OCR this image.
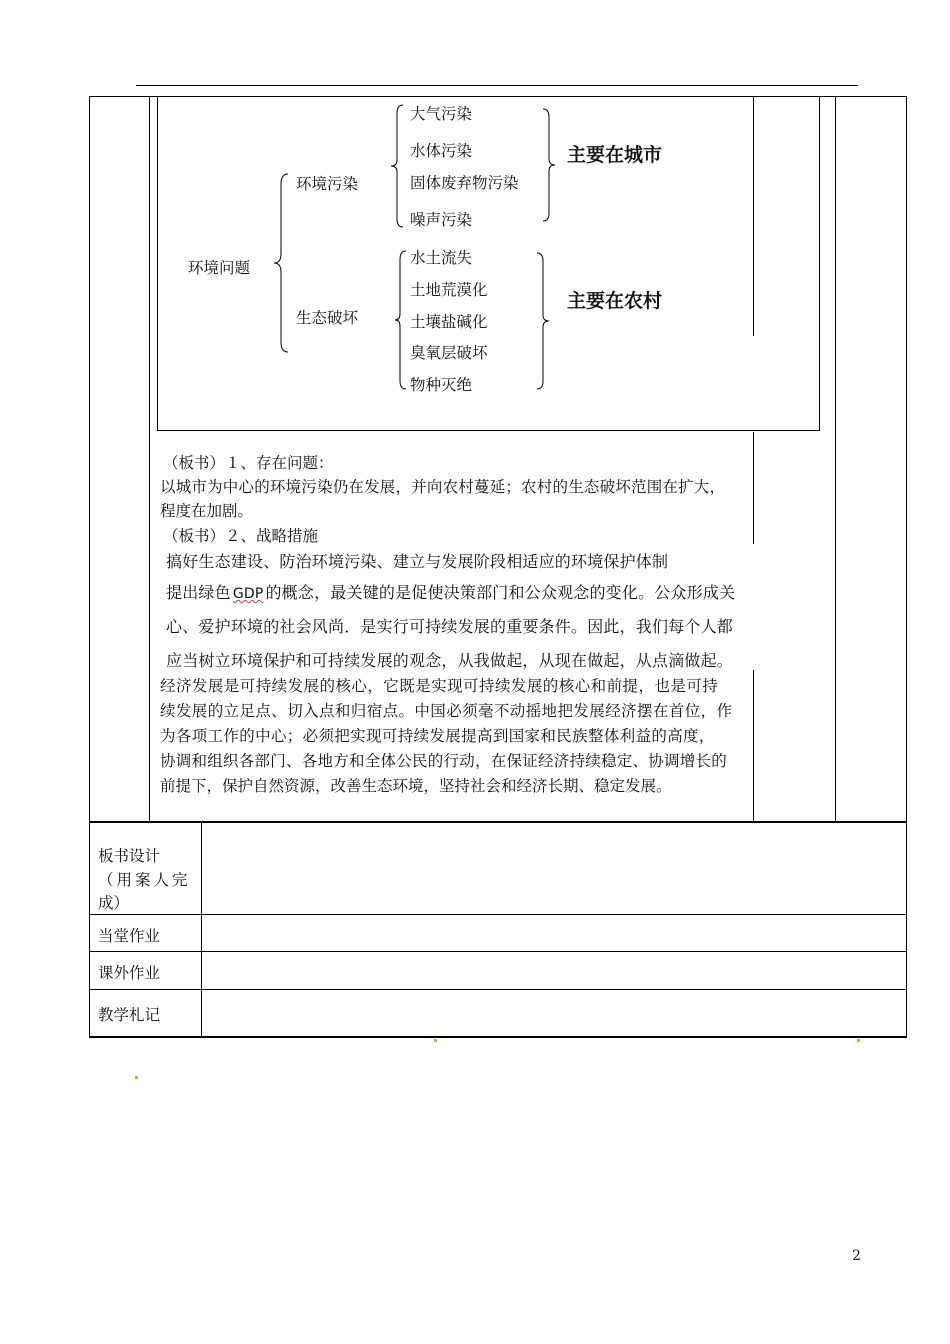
环境问题
环境污染
生态破坏
大气污染
水体污染
固体废弃物污染
噪声污染
主要在城市
水土流失
土地荒漠化
土壤盐碱化
臭氧层破坏
物种灭绝
主要在农村
（板书）１、存在问题：
以城市为中心的环境污染仍在发展，并向农村蔓延；农村的生态破坏范围在扩大，
程度在加剧。
（板书）２、战略措施
搞好生态建设、防治环境污染、建立与发展阶段相适应的环境保护体制
提出绿色 GDP 的概念，最关键的是促使决策部门和公众观念的变化。公众形成关
心、爱护环境的社会风尚．是实行可持续发展的重要条件。因此，我们每个人都
应当树立环境保护和可持续发展的观念，从我做起，从现在做起，从点滴做起。
经济发展是可持续发展的核心，它既是实现可持续发展的核心和前提，也是可持
续发展的立足点、切入点和归宿点。中国必须毫不动摇地把发展经济摆在首位，作
为各项工作的中心；必须把实现可持续发展提高到国家和民族整体利益的高度，
协调和组织各部门、各地方和全体公民的行动，在保证经济持续稳定、协调增长的
前提下，保护自然资源，改善生态环境，坚持社会和经济长期、稳定发展。
板书设计
（用案人完
成）
当堂作业
课外作业
教学札记
2
